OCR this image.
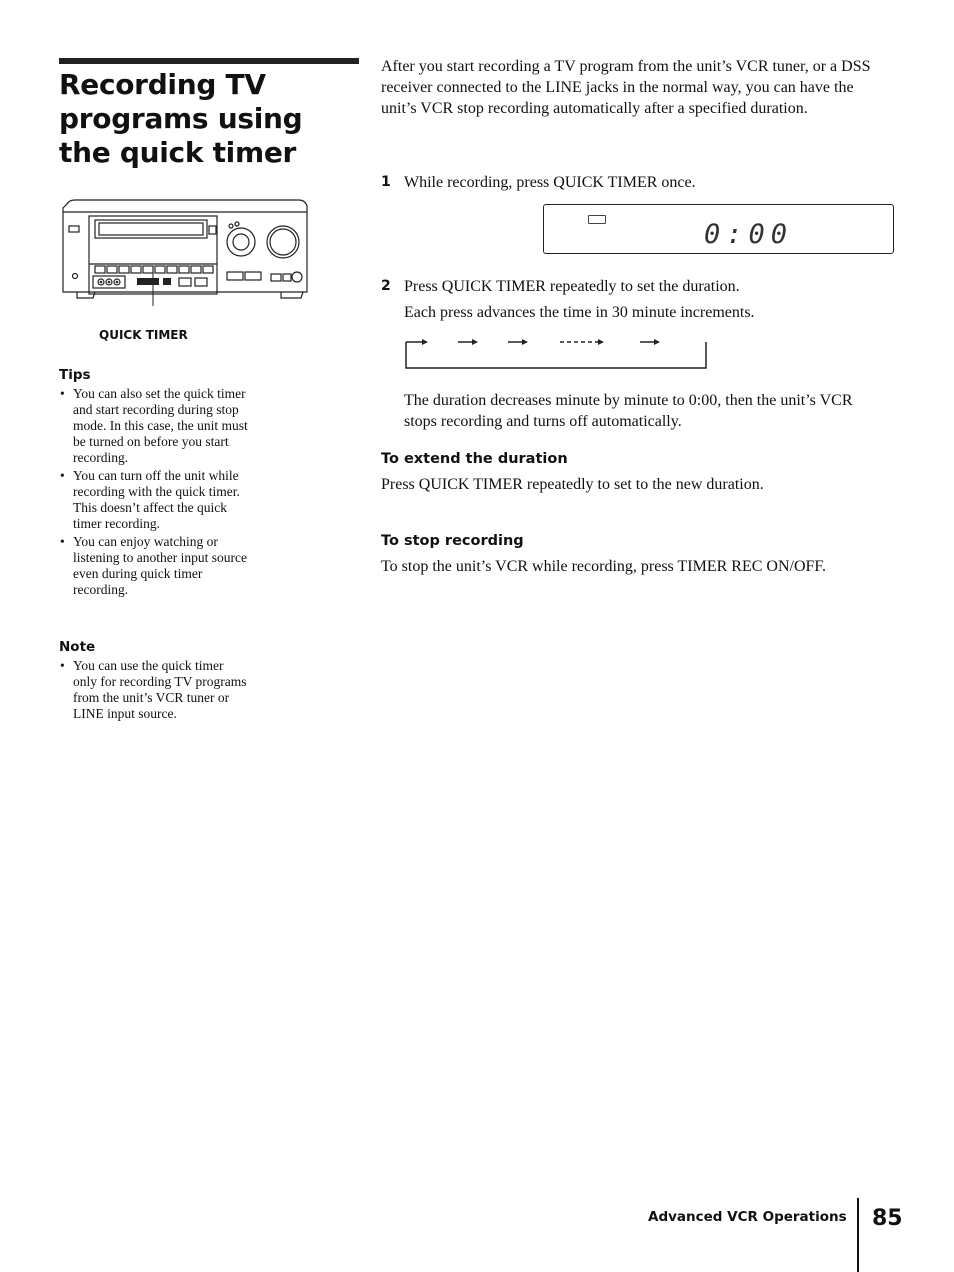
Recording TV programs using the quick timer
QUICK TIMER
Tips
• You can also set the quick timer and start recording during stop mode. In this case, the unit must be turned on before you start recording.
• You can turn off the unit while recording with the quick timer. This doesn’t affect the quick timer recording.
• You can enjoy watching or listening to another input source even during quick timer recording.
Note
• You can use the quick timer only for recording TV programs from the unit’s VCR tuner or LINE input source.

After you start recording a TV program from the unit’s VCR tuner, or a DSS receiver connected to the LINE jacks in the normal way, you can have the unit’s VCR stop recording automatically after a specified duration.

1 While recording, press QUICK TIMER once.

0:00
2 Press QUICK TIMER repeatedly to set the duration.

Each press advances the time in 30 minute increments.

The duration decreases minute by minute to 0:00, then the unit’s VCR stops recording and turns off automatically.

To extend the duration

Press QUICK TIMER repeatedly to set to the new duration.

To stop recording

To stop the unit’s VCR while recording, press TIMER REC ON/OFF.

Advanced VCR Operations 85
